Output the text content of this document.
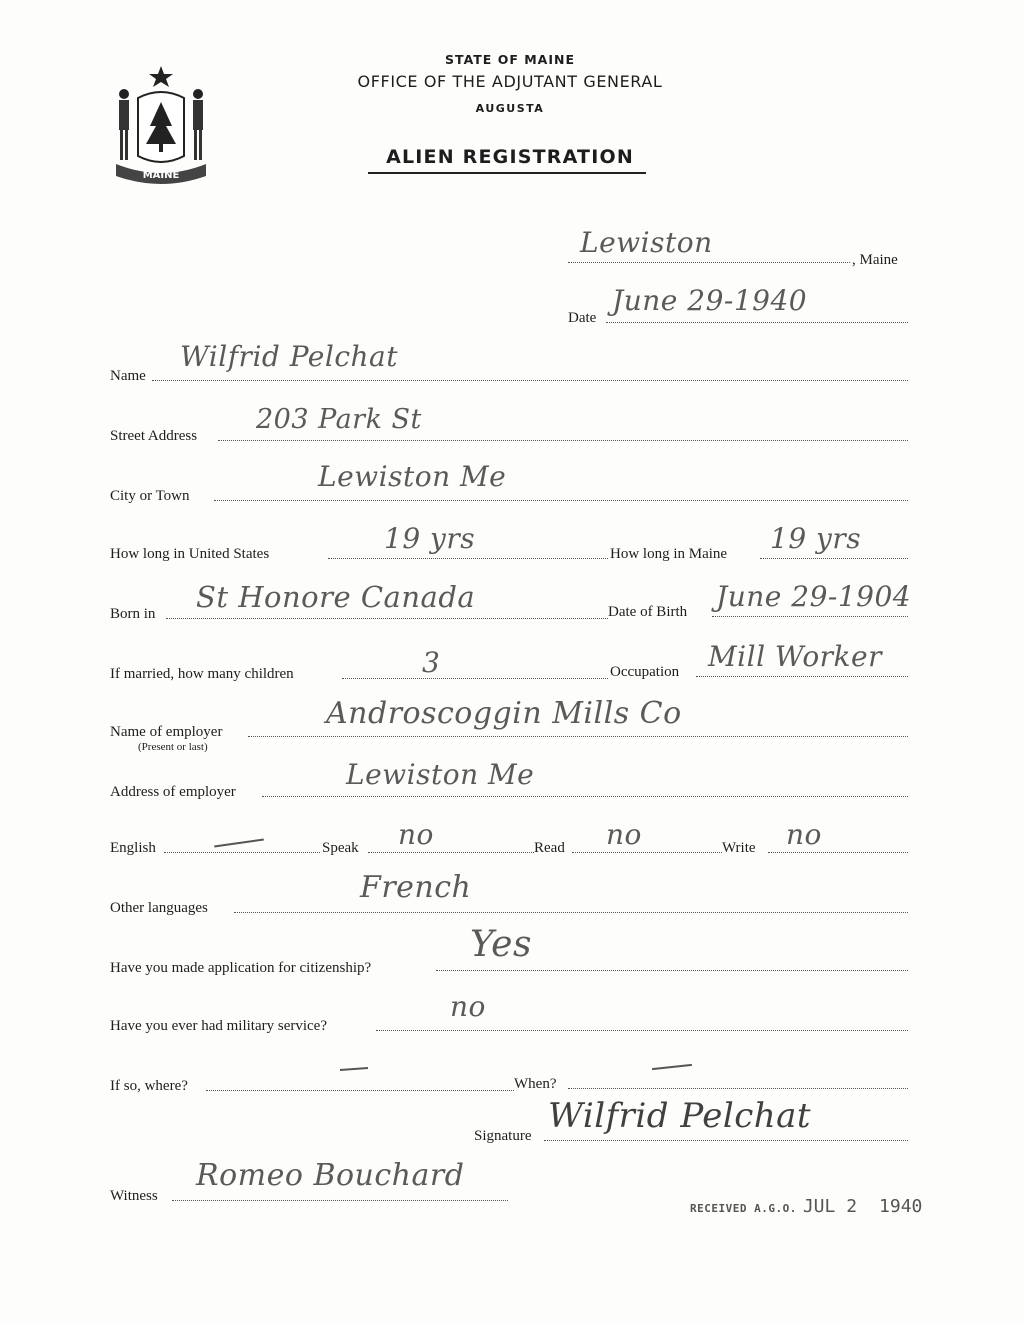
MAINE
STATE OF MAINE
OFFICE OF THE ADJUTANT GENERAL
AUGUSTA
ALIEN REGISTRATION
Lewiston
, Maine
Date
June 29-1940
Name
Wilfrid Pelchat
Street Address
203 Park St
City or Town
Lewiston Me
How long in United States	19 yrs	How long in Maine 19 yrs
Born in St Honore Canada	Date of Birth June 29-1904
If married, how many children	3	Occupation Mill Worker
Name of employer
(Present or last)
Androscoggin Mills Co
Address of employer
Lewiston Me
English	Speak no	Read no	Write no
Other languages
French
Have you made application for citizenship?
Yes
Have you ever had military service?
no
If so, where?	When?
Signature Wilfrid Pelchat
Witness
Romeo Bouchard
RECEIVED A.G.O. JUL 2 1940
